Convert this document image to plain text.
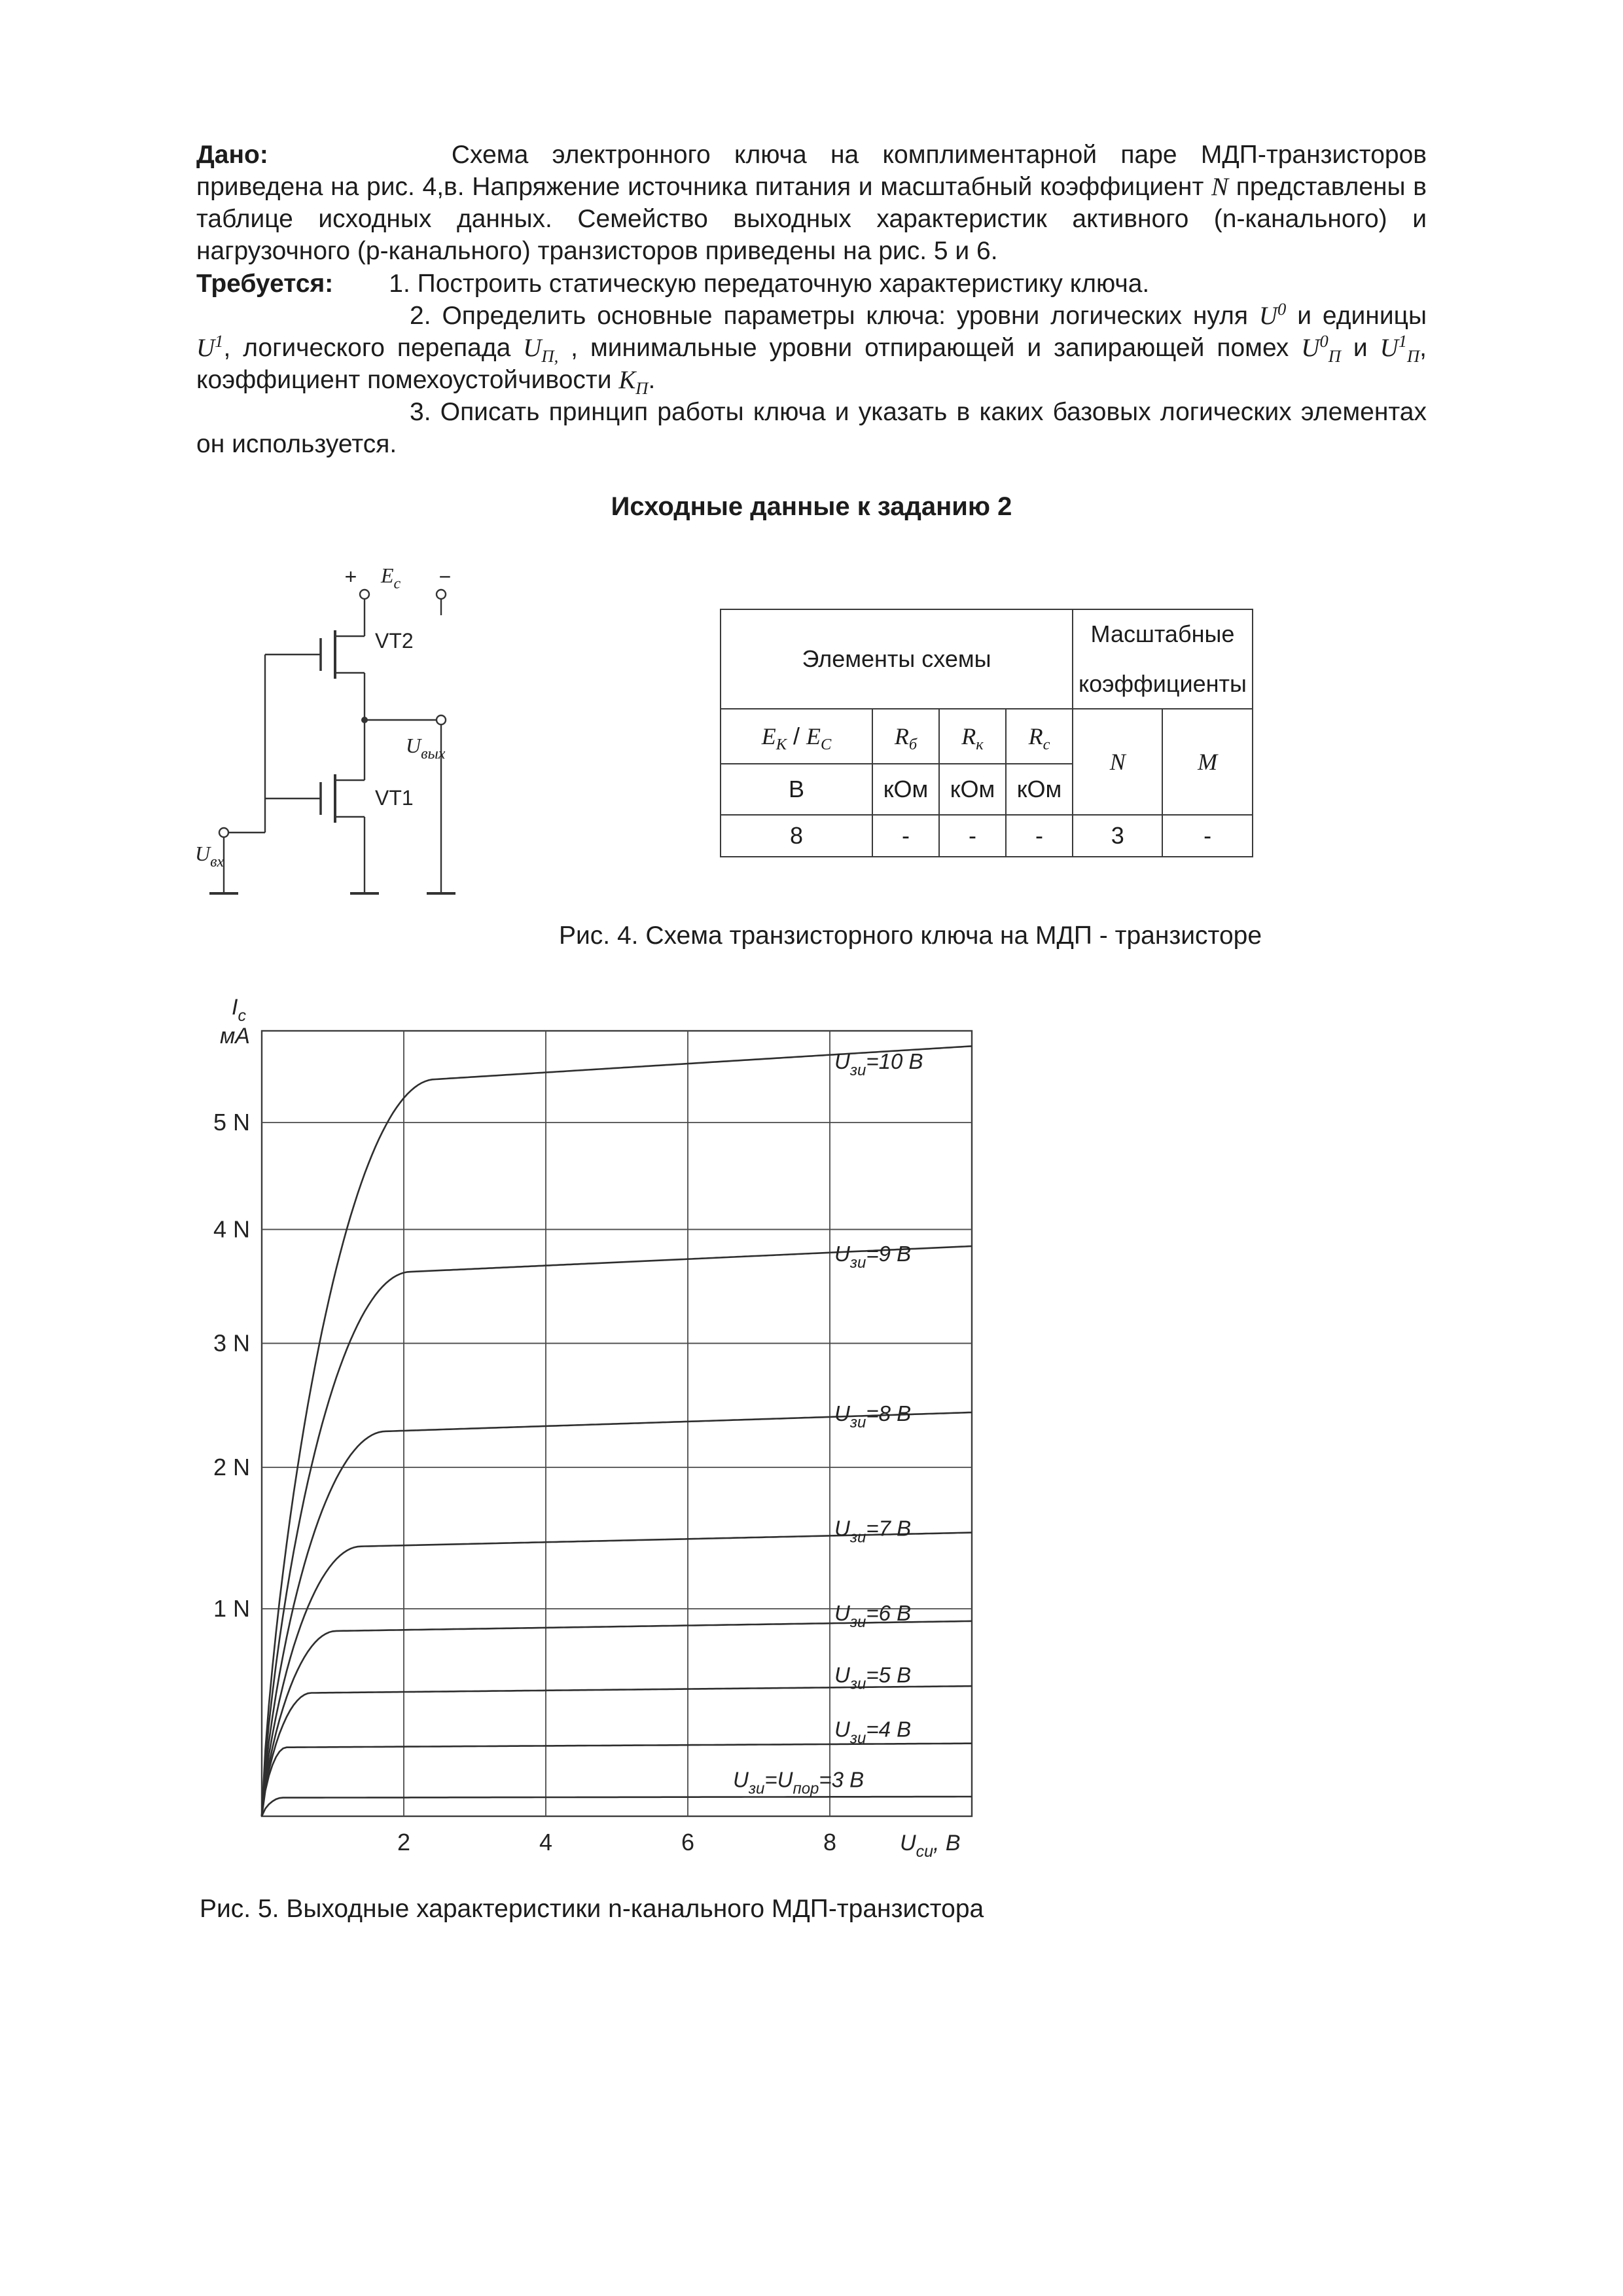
Дано:	Схема электронного ключа на комплиментарной паре МДП-транзисторов приведена на рис. 4,в. Напряжение источника питания и масштабный коэффициент N представлены в таблице исходных данных. Семейство выходных характеристик активного (n-канального) и нагрузочного (p-канального) транзисторов приведены на рис. 5 и 6.

Требуется: 1. Построить статическую передаточную характеристику ключа.

2. Определить основные параметры ключа: уровни логических нуля $U^0$ и единицы $U^1$, логического перепада $U_{П,}$ , минимальные уровни отпирающей и запирающей помех $U^0_П$ и $U^1_П$, коэффициент помехоустойчивости $К_П$.

3. Описать принцип работы ключа и указать в каких базовых логических элементах он используется.

Исходные данные к заданию 2
+ $E_с$ −
VT2
VT1
$U_{вых}$
$U_{вх}$
Элементы схемы				Масштабные
коэффициенты	

$E_К / E_С$	$R_б$	$R_к$	$R_с$	N	M
В	кОм	кОм	кОм		
8	-	-	-	3	-
Рис. 4. Схема транзисторного ключа на МДП - транзисторе
2	4	6	8
1 N
2 N
3 N
4 N
5 N
$U_{зи}=10$ В
$U_{зи}=9$ В
$U_{зи}=8$ В
$U_{зи}=7$ В
$U_{зи}=6$ В
$U_{зи}=5$ В
$U_{зи}=4$ В
$U_{зи}=U_{пор}=3$ В
$I_с$
мА
$U_{си}$, В
Рис. 5. Выходные характеристики n-канального МДП-транзистора
